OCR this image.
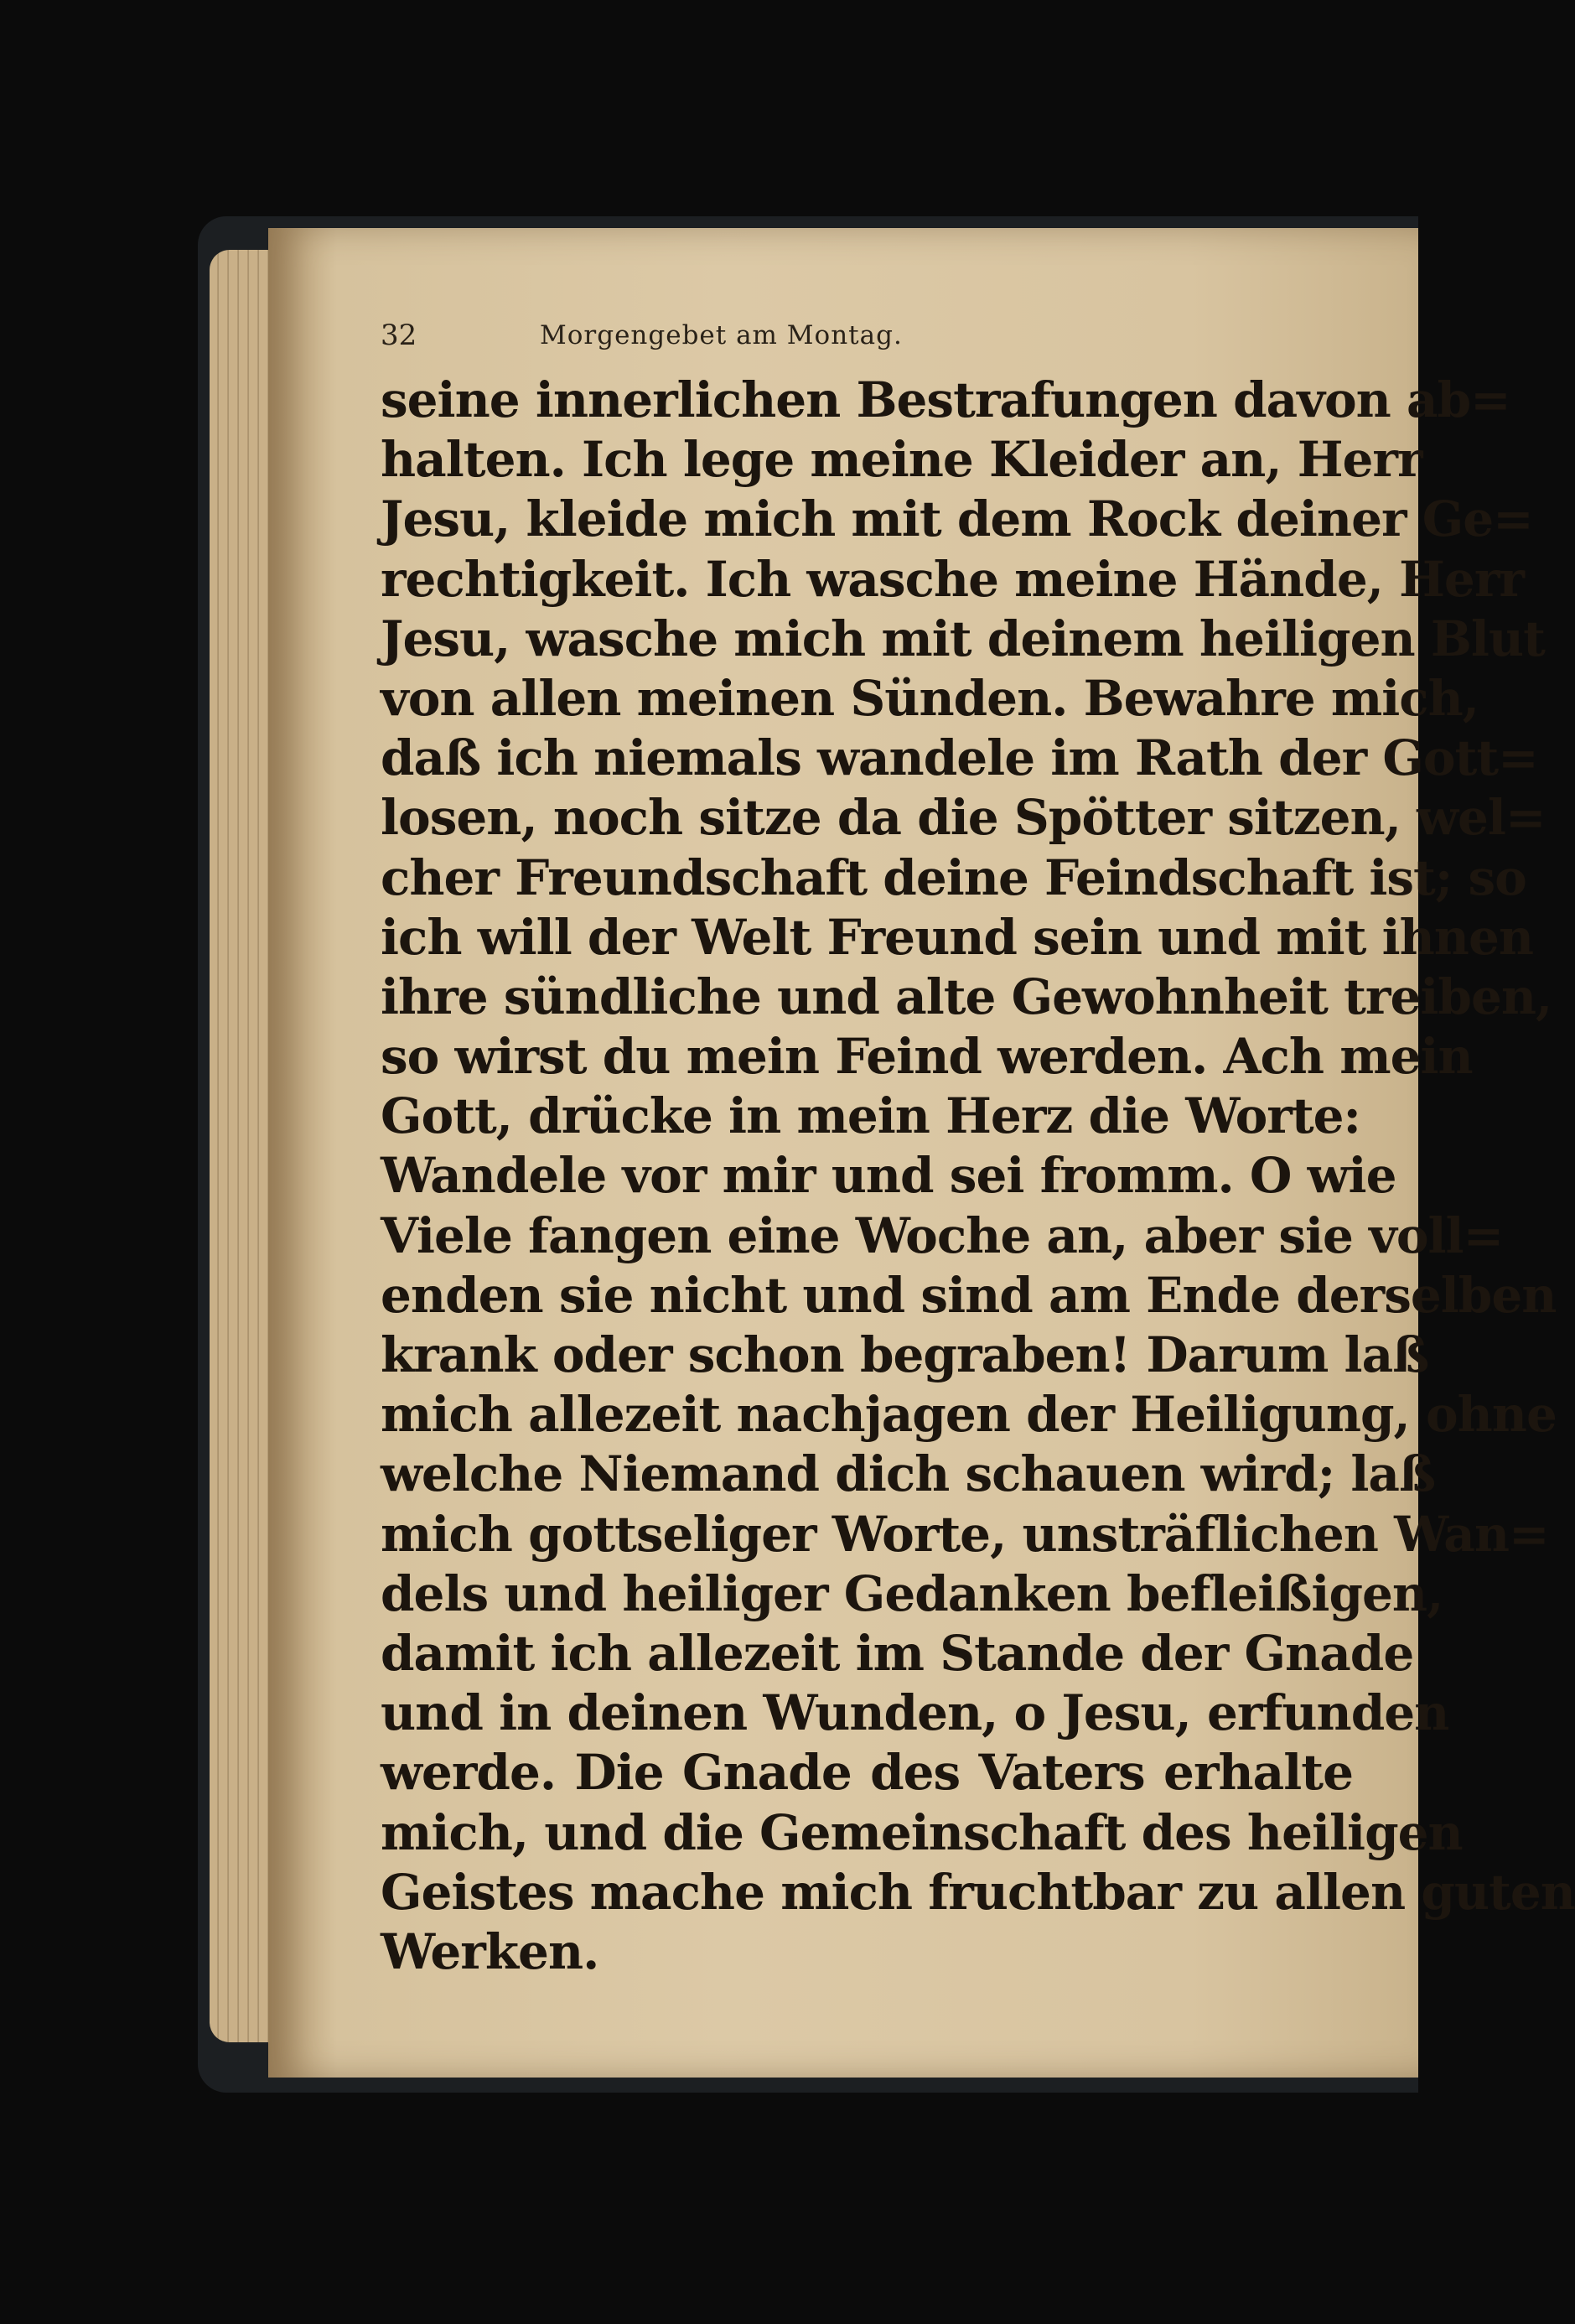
32	Morgengebet am Montag.
seine innerlichen Bestrafungen davon ab=
halten. Ich lege meine Kleider an, Herr
Jesu, kleide mich mit dem Rock deiner Ge=
rechtigkeit. Ich wasche meine Hände, Herr
Jesu, wasche mich mit deinem heiligen Blut
von allen meinen Sünden. Bewahre mich,
daß ich niemals wandele im Rath der Gott=
losen, noch sitze da die Spötter sitzen, wel=
cher Freundschaft deine Feindschaft ist; so
ich will der Welt Freund sein und mit ihnen
ihre sündliche und alte Gewohnheit treiben,
so wirst du mein Feind werden. Ach mein
Gott, drücke in mein Herz die Worte:
Wandele vor mir und sei fromm. O wie
Viele fangen eine Woche an, aber sie voll=
enden sie nicht und sind am Ende derselben
krank oder schon begraben! Darum laß
mich allezeit nachjagen der Heiligung, ohne
welche Niemand dich schauen wird; laß
mich gottseliger Worte, unsträflichen Wan=
dels und heiliger Gedanken befleißigen,
damit ich allezeit im Stande der Gnade
und in deinen Wunden, o Jesu, erfunden
werde. Die Gnade des Vaters erhalte
mich, und die Gemeinschaft des heiligen
Geistes mache mich fruchtbar zu allen guten
Werken.
